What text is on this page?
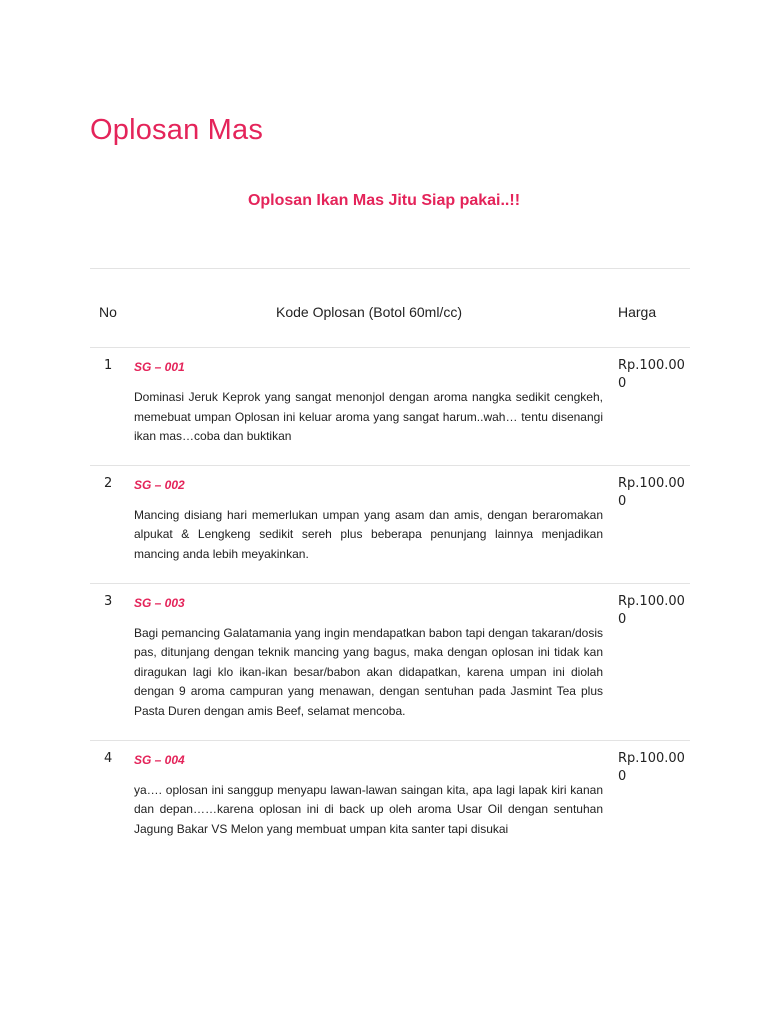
Oplosan Mas
Oplosan Ikan Mas Jitu Siap pakai..!!
No	Kode Oplosan (Botol 60ml/cc)	Harga
1 SG – 001

Dominasi Jeruk Keprok yang sangat menonjol dengan aroma nangka sedikit cengkeh, memebuat umpan Oplosan ini keluar aroma yang sangat harum..wah… tentu disenangi ikan mas…coba dan buktikan

Rp.100.000
2 SG – 002

Mancing disiang hari memerlukan umpan yang asam dan amis, dengan beraromakan alpukat & Lengkeng sedikit sereh plus beberapa penunjang lainnya menjadikan mancing anda lebih meyakinkan.

Rp.100.000
3 SG – 003

Bagi pemancing Galatamania yang ingin mendapatkan babon tapi dengan takaran/dosis pas, ditunjang dengan teknik mancing yang bagus, maka dengan oplosan ini tidak kan diragukan lagi klo ikan-ikan besar/babon akan didapatkan, karena umpan ini diolah dengan 9 aroma campuran yang menawan, dengan sentuhan pada Jasmint Tea plus Pasta Duren dengan amis Beef, selamat mencoba.

Rp.100.000
4 SG – 004

ya…. oplosan ini sanggup menyapu lawan-lawan saingan kita, apa lagi lapak kiri kanan dan depan……karena oplosan ini di back up oleh aroma Usar Oil dengan sentuhan Jagung Bakar VS Melon yang membuat umpan kita santer tapi disukai

Rp.100.000
